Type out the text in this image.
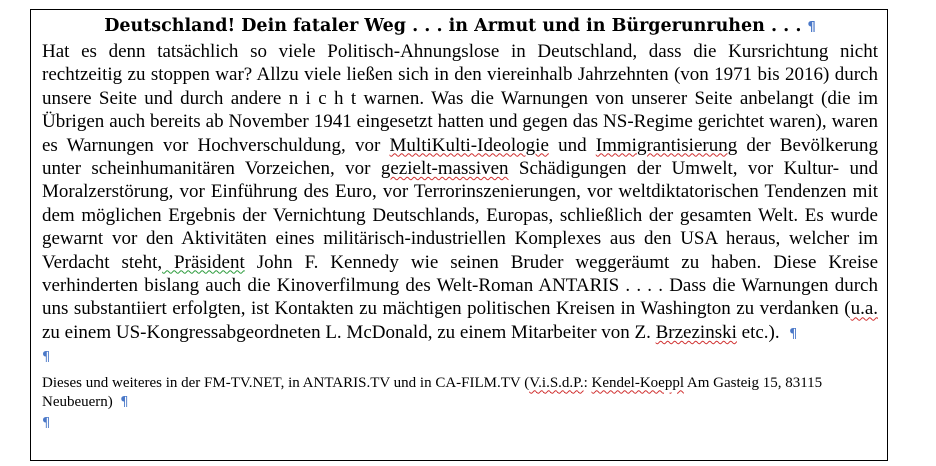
Deutschland! Dein fataler Weg . . . in Armut und in Bürgerunruhen . . . ¶

Hat es denn tatsächlich so viele Politisch-Ahnungslose in Deutschland, dass die Kursrichtung nicht rechtzeitig zu stoppen war? Allzu viele ließen sich in den viereinhalb Jahrzehnten (von 1971 bis 2016) durch unsere Seite und durch andere n i c h t warnen. Was die Warnungen von unserer Seite anbelangt (die im Übrigen auch bereits ab November 1941 eingesetzt hatten und gegen das NS-Regime gerichtet waren), waren es Warnungen vor Hochverschuldung, vor MultiKulti-Ideologie und Immigrantisierung der Bevölkerung unter scheinhumanitären Vorzeichen, vor gezielt-massiven Schädigungen der Umwelt, vor Kultur- und Moralzerstörung, vor Einführung des Euro, vor Terrorinszenierungen, vor weltdiktatorischen Tendenzen mit dem möglichen Ergebnis der Vernichtung Deutschlands, Europas, schließlich der gesamten Welt. Es wurde gewarnt vor den Aktivitäten eines militärisch-industriellen Komplexes aus den USA heraus, welcher im Verdacht steht, Präsident John F. Kennedy wie seinen Bruder weggeräumt zu haben. Diese Kreise verhinderten bislang auch die Kinoverfilmung des Welt-Roman ANTARIS . . . . Dass die Warnungen durch uns substantiiert erfolgten, ist Kontakten zu mächtigen politischen Kreisen in Washington zu verdanken (u.a. zu einem US-Kongressabgeordneten L. McDonald, zu einem Mitarbeiter von Z. Brzezinski etc.). ¶

¶

Dieses und weiteres in der FM-TV.NET, in ANTARIS.TV und in CA-FILM.TV (V.i.S.d.P.: Kendel-Koeppl Am Gasteig 15, 83115 Neubeuern) ¶

¶
